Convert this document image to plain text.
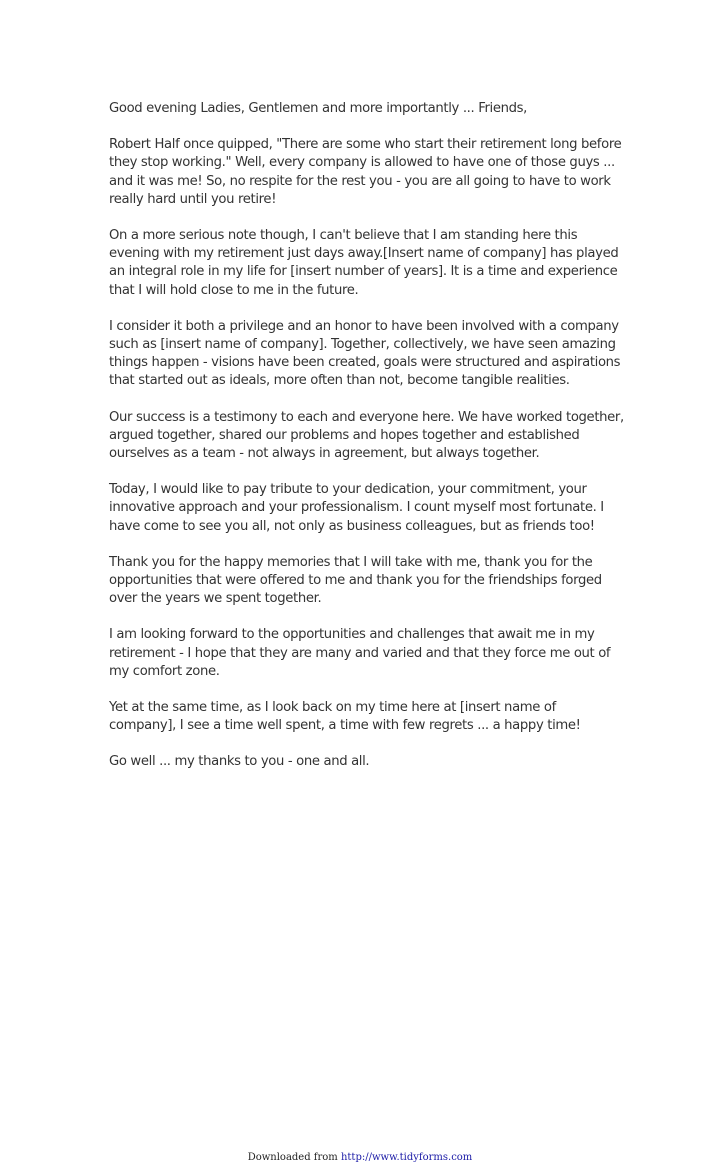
Good evening Ladies, Gentlemen and more importantly ... Friends,

Robert Half once quipped, "There are some who start their retirement long before they stop working." Well, every company is allowed to have one of those guys ... and it was me! So, no respite for the rest you - you are all going to have to work really hard until you retire!

On a more serious note though, I can't believe that I am standing here this evening with my retirement just days away.[Insert name of company] has played an integral role in my life for [insert number of years]. It is a time and experience that I will hold close to me in the future.

I consider it both a privilege and an honor to have been involved with a company such as [insert name of company]. Together, collectively, we have seen amazing things happen - visions have been created, goals were structured and aspirations that started out as ideals, more often than not, become tangible realities.

Our success is a testimony to each and everyone here. We have worked together, argued together, shared our problems and hopes together and established ourselves as a team - not always in agreement, but always together.

Today, I would like to pay tribute to your dedication, your commitment, your innovative approach and your professionalism. I count myself most fortunate. I have come to see you all, not only as business colleagues, but as friends too!

Thank you for the happy memories that I will take with me, thank you for the opportunities that were offered to me and thank you for the friendships forged over the years we spent together.

I am looking forward to the opportunities and challenges that await me in my retirement - I hope that they are many and varied and that they force me out of my comfort zone.

Yet at the same time, as I look back on my time here at [insert name of company], I see a time well spent, a time with few regrets ... a happy time!

Go well ... my thanks to you - one and all.

Downloaded from http://www.tidyforms.com
